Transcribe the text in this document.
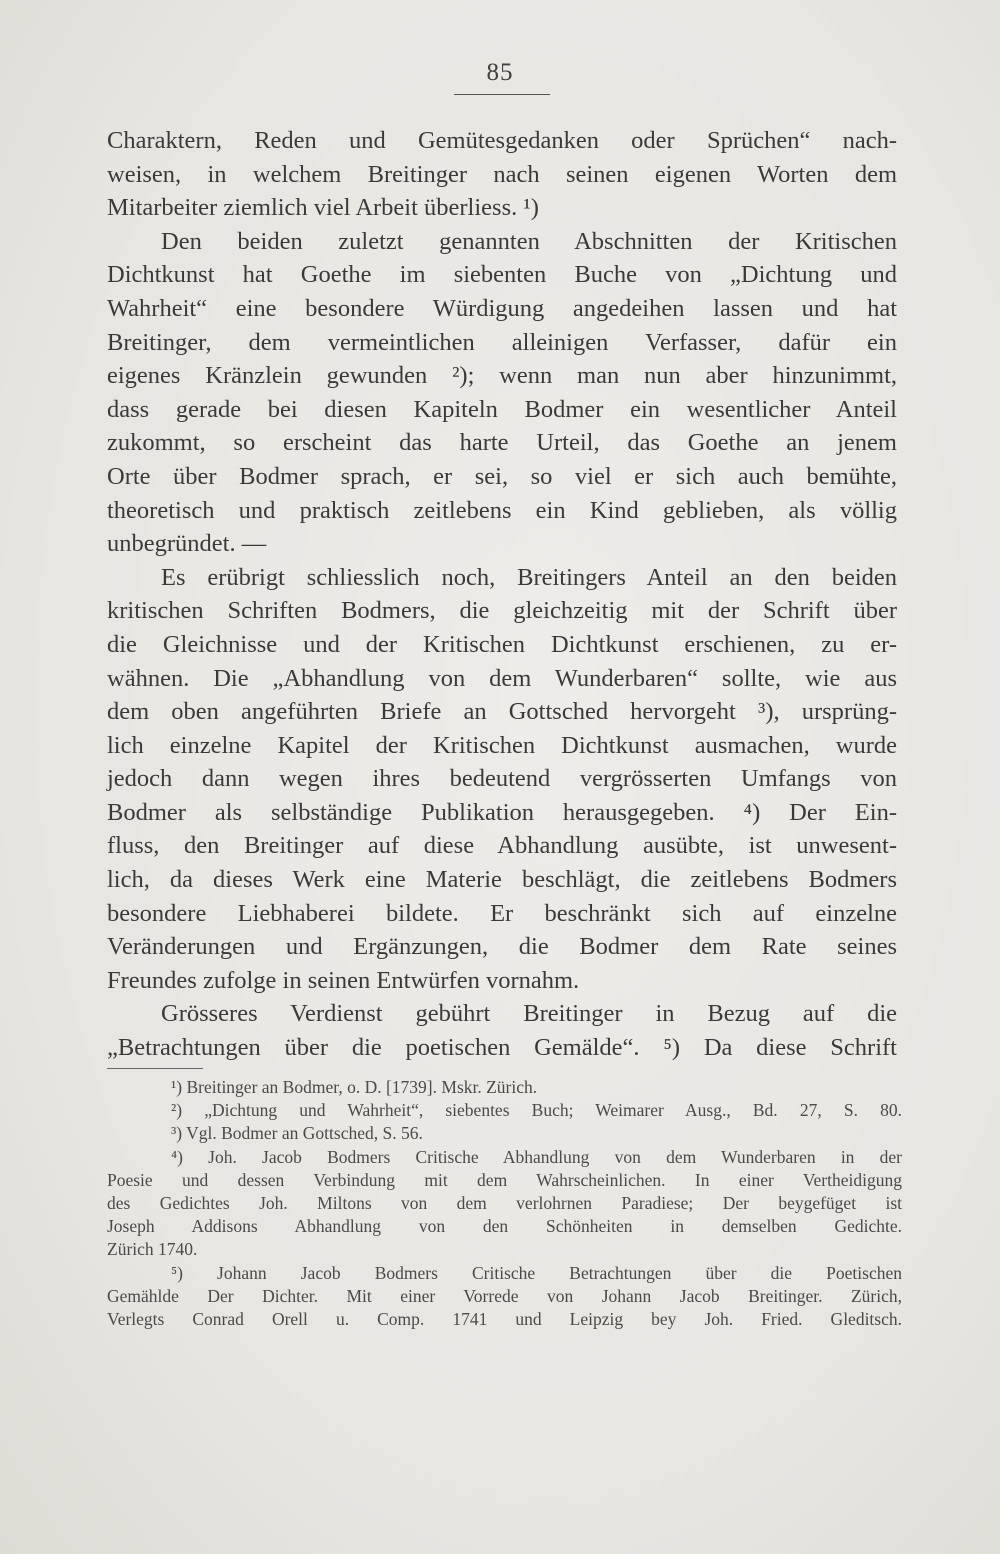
85
Charaktern, Reden und Gemütesgedanken oder Sprüchen“ nach-
weisen, in welchem Breitinger nach seinen eigenen Worten dem
Mitarbeiter ziemlich viel Arbeit überliess. ¹)
Den beiden zuletzt genannten Abschnitten der Kritischen
Dichtkunst hat Goethe im siebenten Buche von „Dichtung und
Wahrheit“ eine besondere Würdigung angedeihen lassen und hat
Breitinger, dem vermeintlichen alleinigen Verfasser, dafür ein
eigenes Kränzlein gewunden ²); wenn man nun aber hinzunimmt,
dass gerade bei diesen Kapiteln Bodmer ein wesentlicher Anteil
zukommt, so erscheint das harte Urteil, das Goethe an jenem
Orte über Bodmer sprach, er sei, so viel er sich auch bemühte,
theoretisch und praktisch zeitlebens ein Kind geblieben, als völlig
unbegründet. —
Es erübrigt schliesslich noch, Breitingers Anteil an den beiden
kritischen Schriften Bodmers, die gleichzeitig mit der Schrift über
die Gleichnisse und der Kritischen Dichtkunst erschienen, zu er-
wähnen. Die „Abhandlung von dem Wunderbaren“ sollte, wie aus
dem oben angeführten Briefe an Gottsched hervorgeht ³), ursprüng-
lich einzelne Kapitel der Kritischen Dichtkunst ausmachen, wurde
jedoch dann wegen ihres bedeutend vergrösserten Umfangs von
Bodmer als selbständige Publikation herausgegeben. ⁴) Der Ein-
fluss, den Breitinger auf diese Abhandlung ausübte, ist unwesent-
lich, da dieses Werk eine Materie beschlägt, die zeitlebens Bodmers
besondere Liebhaberei bildete. Er beschränkt sich auf einzelne
Veränderungen und Ergänzungen, die Bodmer dem Rate seines
Freundes zufolge in seinen Entwürfen vornahm.
Grösseres Verdienst gebührt Breitinger in Bezug auf die
„Betrachtungen über die poetischen Gemälde“. ⁵) Da diese Schrift
¹) Breitinger an Bodmer, o. D. [1739]. Mskr. Zürich.
²) „Dichtung und Wahrheit“, siebentes Buch; Weimarer Ausg., Bd. 27, S. 80.
³) Vgl. Bodmer an Gottsched, S. 56.
⁴) Joh. Jacob Bodmers Critische Abhandlung von dem Wunderbaren in der
Poesie und dessen Verbindung mit dem Wahrscheinlichen. In einer Vertheidigung
des Gedichtes Joh. Miltons von dem verlohrnen Paradiese; Der beygefüget ist
Joseph Addisons Abhandlung von den Schönheiten in demselben Gedichte.
Zürich 1740.
⁵) Johann Jacob Bodmers Critische Betrachtungen über die Poetischen
Gemählde Der Dichter. Mit einer Vorrede von Johann Jacob Breitinger. Zürich,
Verlegts Conrad Orell u. Comp. 1741 und Leipzig bey Joh. Fried. Gleditsch.
